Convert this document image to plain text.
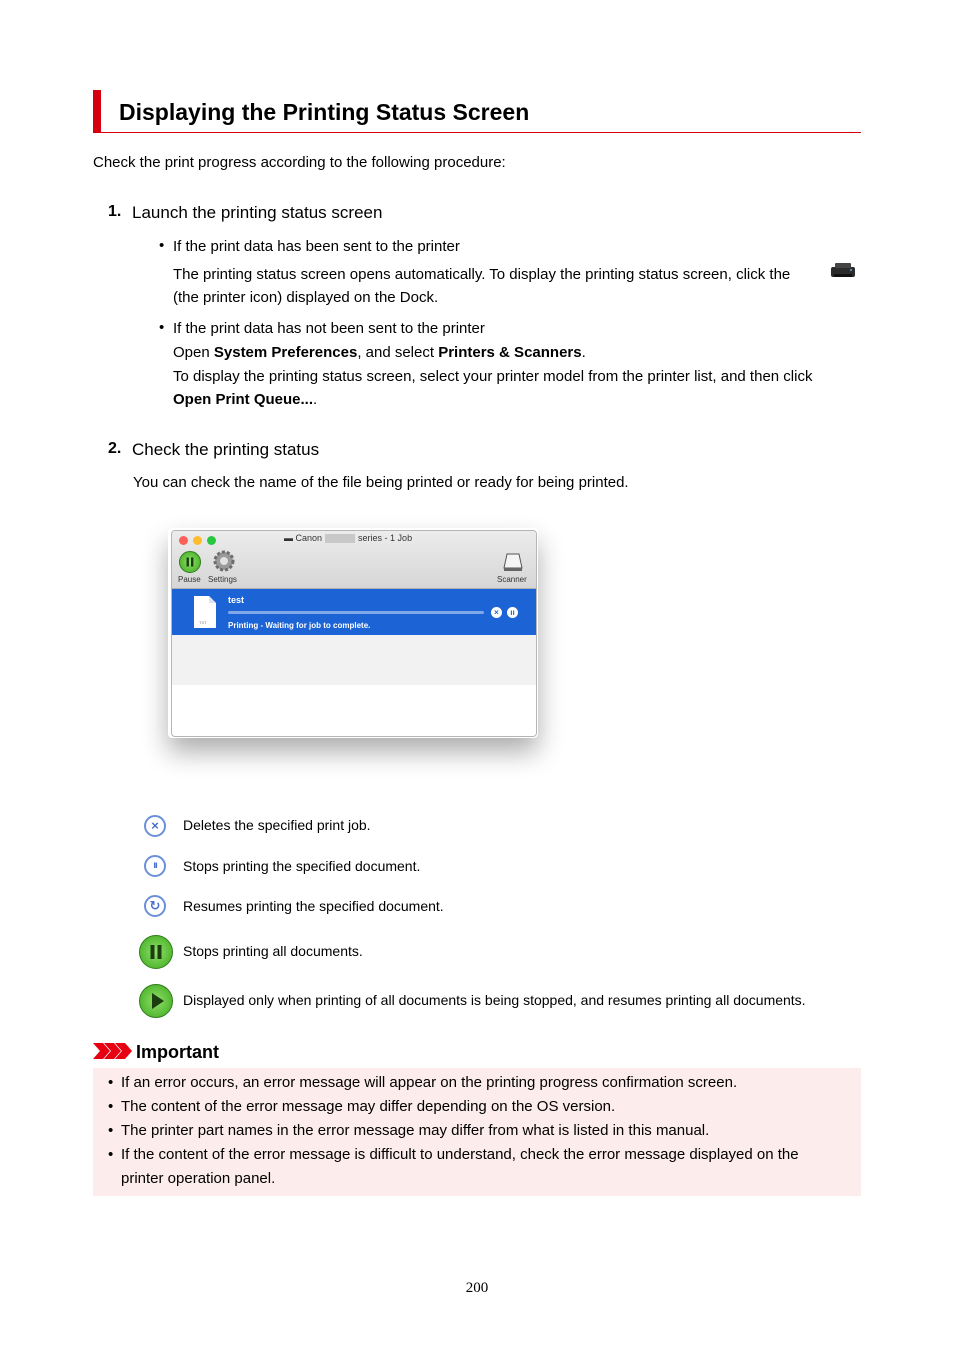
Displaying the Printing Status Screen
Check the print progress according to the following procedure:
1. Launch the printing status screen
• If the print data has been sent to the printer
The printing status screen opens automatically. To display the printing status screen, click the
(the printer icon) displayed on the Dock.
• If the print data has not been sent to the printer
Open System Preferences, and select Printers & Scanners.
To display the printing status screen, select your printer model from the printer list, and then click
Open Print Queue....
2. Check the printing status
You can check the name of the file being printed or ready for being printed.
▬ Canon	series - 1 Job
Pause Settings	Scanner
TXT
test
×	ıı
Printing - Waiting for job to complete.
×	Deletes the specified print job.
ıı	Stops printing the specified document.
↻	Resumes printing the specified document.
Stops printing all documents.
Displayed only when printing of all documents is being stopped, and resumes printing all documents.
Important
• If an error occurs, an error message will appear on the printing progress confirmation screen.
• The content of the error message may differ depending on the OS version.
• The printer part names in the error message may differ from what is listed in this manual.
• If the content of the error message is difficult to understand, check the error message displayed on the
printer operation panel.
200
